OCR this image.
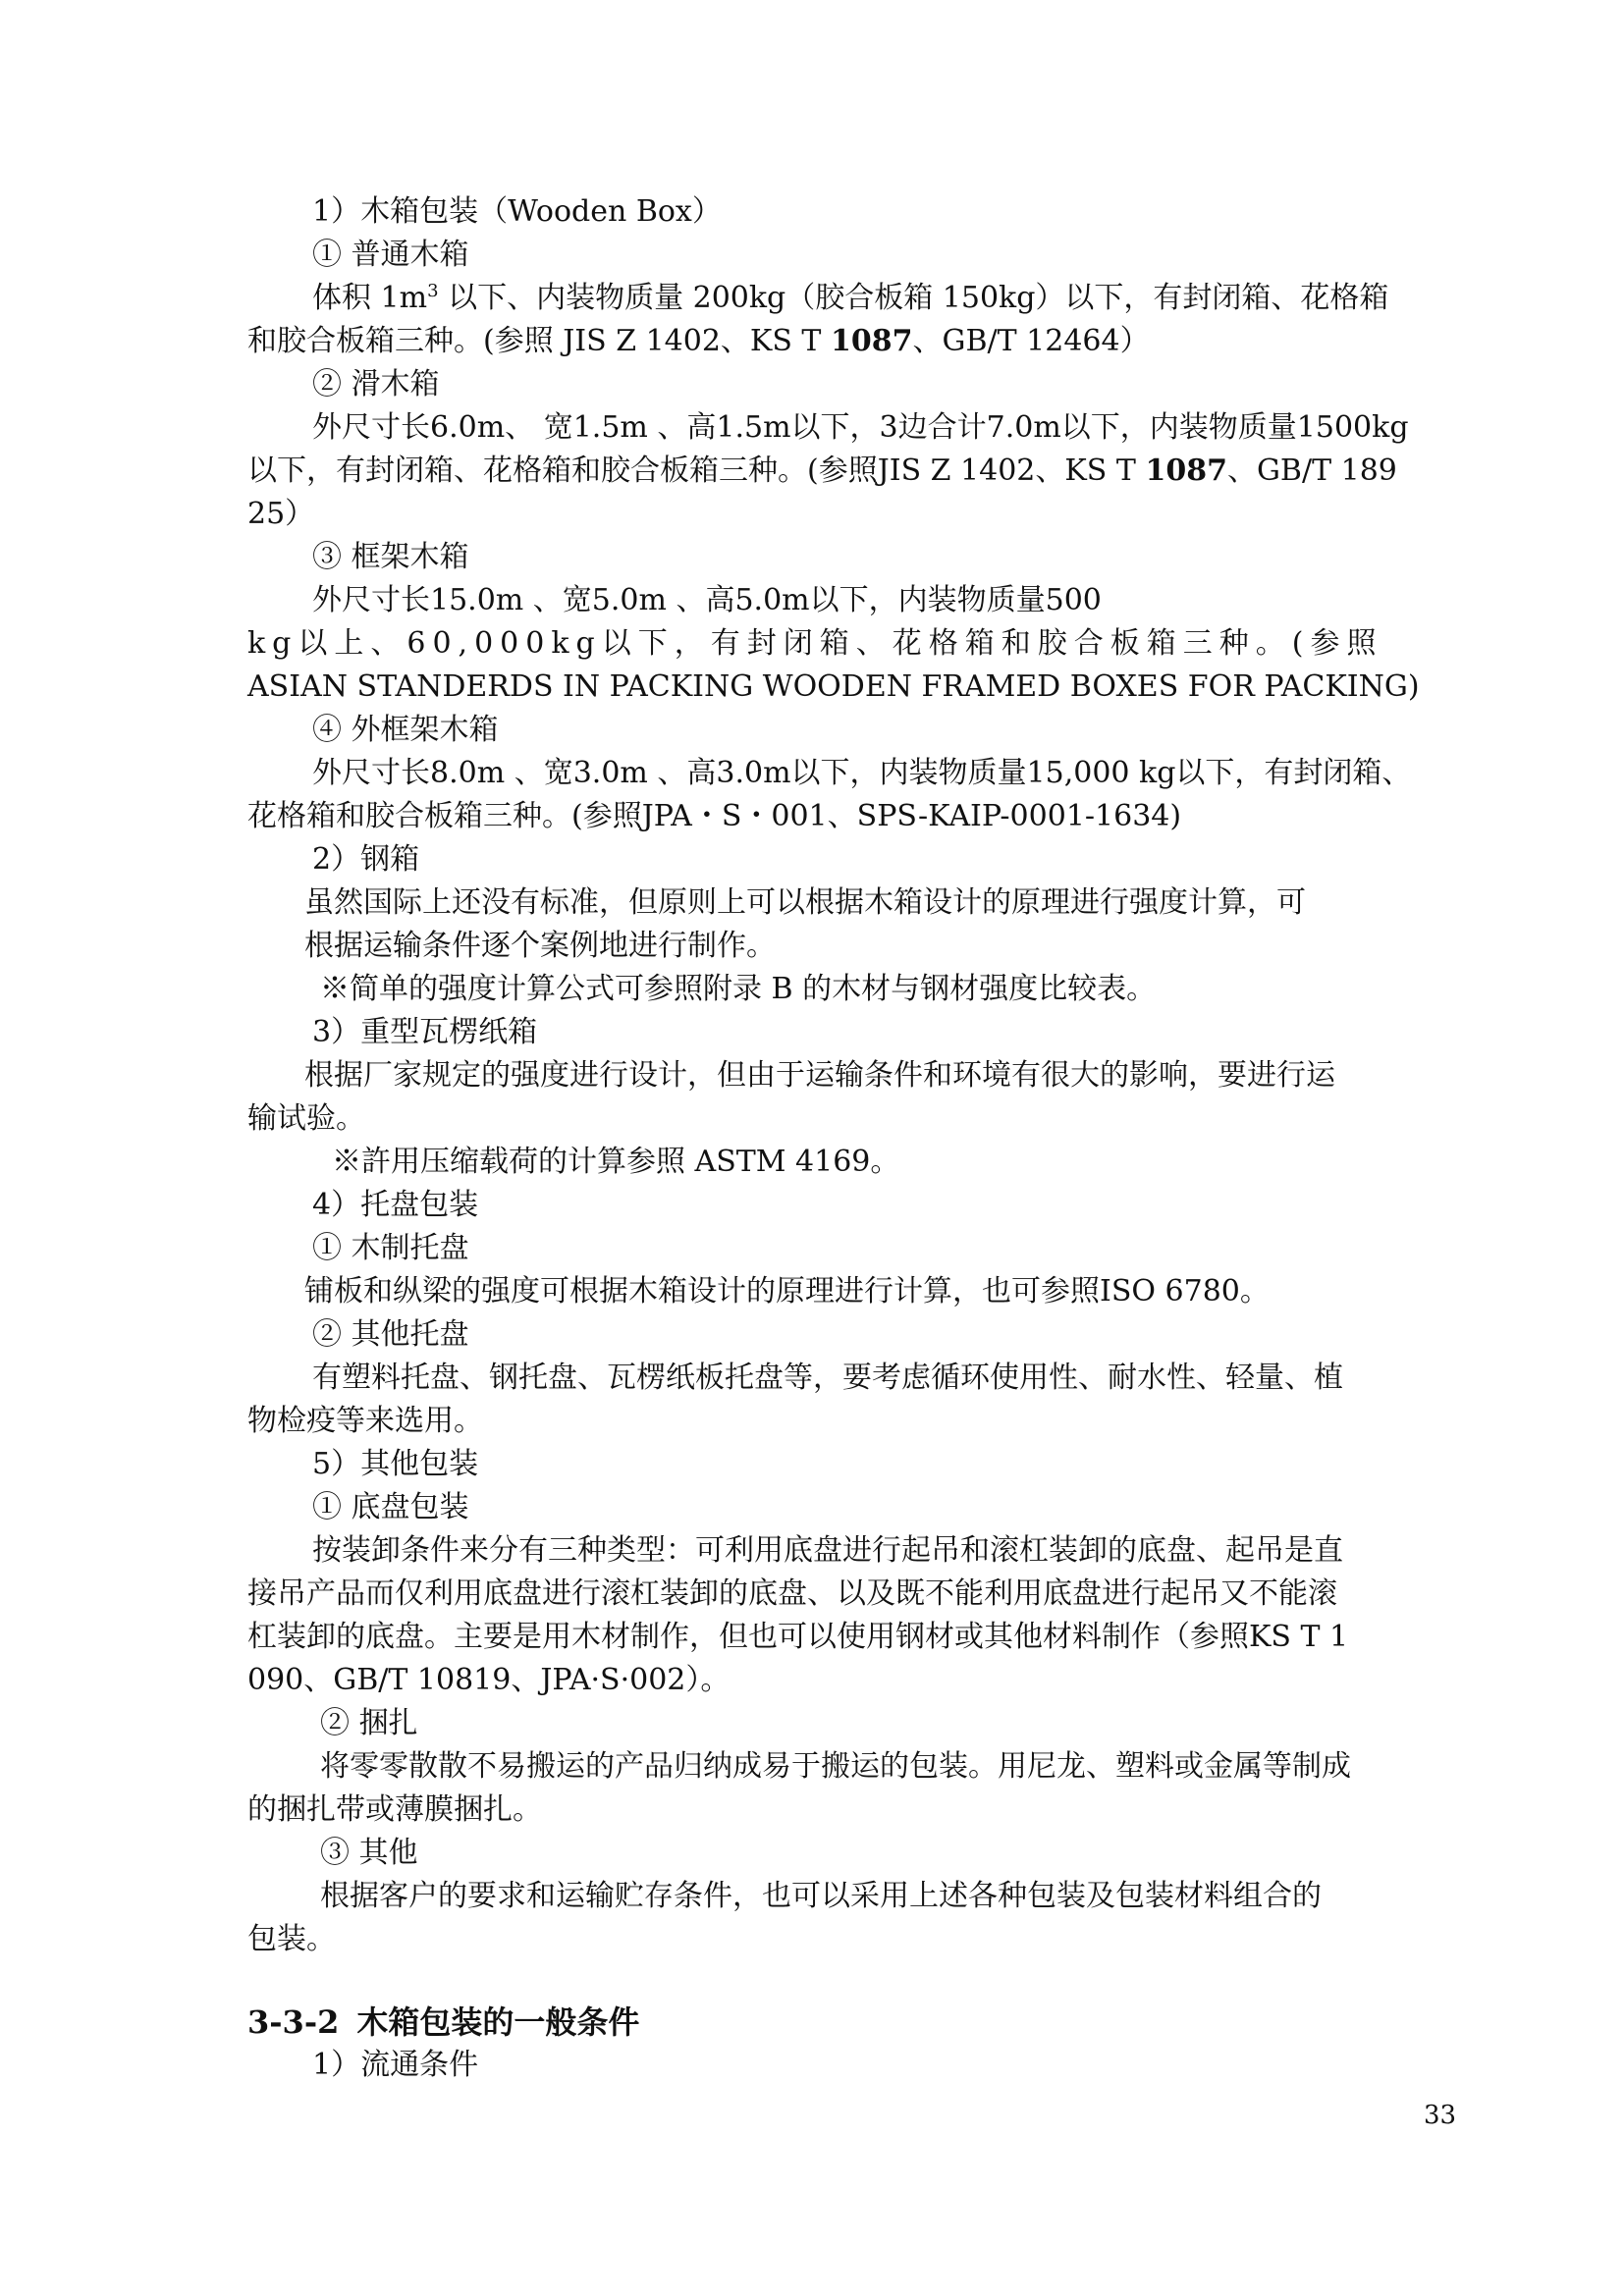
1）木箱包装（Wooden Box）

① 普通木箱

体积 $1m^3$ 以下、内装物质量 200kg（胶合板箱 150kg）以下，有封闭箱、花格箱

和胶合板箱三种。(参照 JIS Z 1402、KS T 1087、GB/T 12464）

② 滑木箱

外尺寸长6.0m、 宽1.5m 、高1.5m以下，3边合计7.0m以下，内装物质量1500kg

以下，有封闭箱、花格箱和胶合板箱三种。(参照JIS Z 1402、KS T 1087、GB/T 189

25）

③ 框架木箱

外尺寸长15.0m 、宽5.0m 、高5.0m以下，内装物质量500

kg以上、60,000kg以下，有封闭箱、花格箱和胶合板箱三种。(参照

ASIAN STANDERDS IN PACKING WOODEN FRAMED BOXES FOR PACKING)

④ 外框架木箱

外尺寸长8.0m 、宽3.0m 、高3.0m以下，内装物质量15,000 kg以下，有封闭箱、

花格箱和胶合板箱三种。(参照JPA・S・001、SPS-KAIP-0001-1634)

2）钢箱

虽然国际上还没有标准，但原则上可以根据木箱设计的原理进行强度计算，可

根据运输条件逐个案例地进行制作。

※简单的强度计算公式可参照附录 B 的木材与钢材强度比较表。

3）重型瓦楞纸箱

根据厂家规定的强度进行设计，但由于运输条件和环境有很大的影响，要进行运

输试验。

※許用压缩载荷的计算参照 ASTM 4169。

4）托盘包装

① 木制托盘

铺板和纵梁的强度可根据木箱设计的原理进行计算，也可参照ISO 6780。

② 其他托盘

有塑料托盘、钢托盘、瓦楞纸板托盘等，要考虑循环使用性、耐水性、轻量、植

物检疫等来选用。

5）其他包装

① 底盘包装

按装卸条件来分有三种类型：可利用底盘进行起吊和滚杠装卸的底盘、起吊是直

接吊产品而仅利用底盘进行滚杠装卸的底盘、以及既不能利用底盘进行起吊又不能滚

杠装卸的底盘。主要是用木材制作，但也可以使用钢材或其他材料制作（参照KS T 1

090、GB/T 10819、JPA·S·002）。

② 捆扎

将零零散散不易搬运的产品归纳成易于搬运的包装。用尼龙、塑料或金属等制成

的捆扎带或薄膜捆扎。

③ 其他

根据客户的要求和运输贮存条件，也可以采用上述各种包装及包装材料组合的

包装。

3-3-2 木箱包装的一般条件

1）流通条件

33
